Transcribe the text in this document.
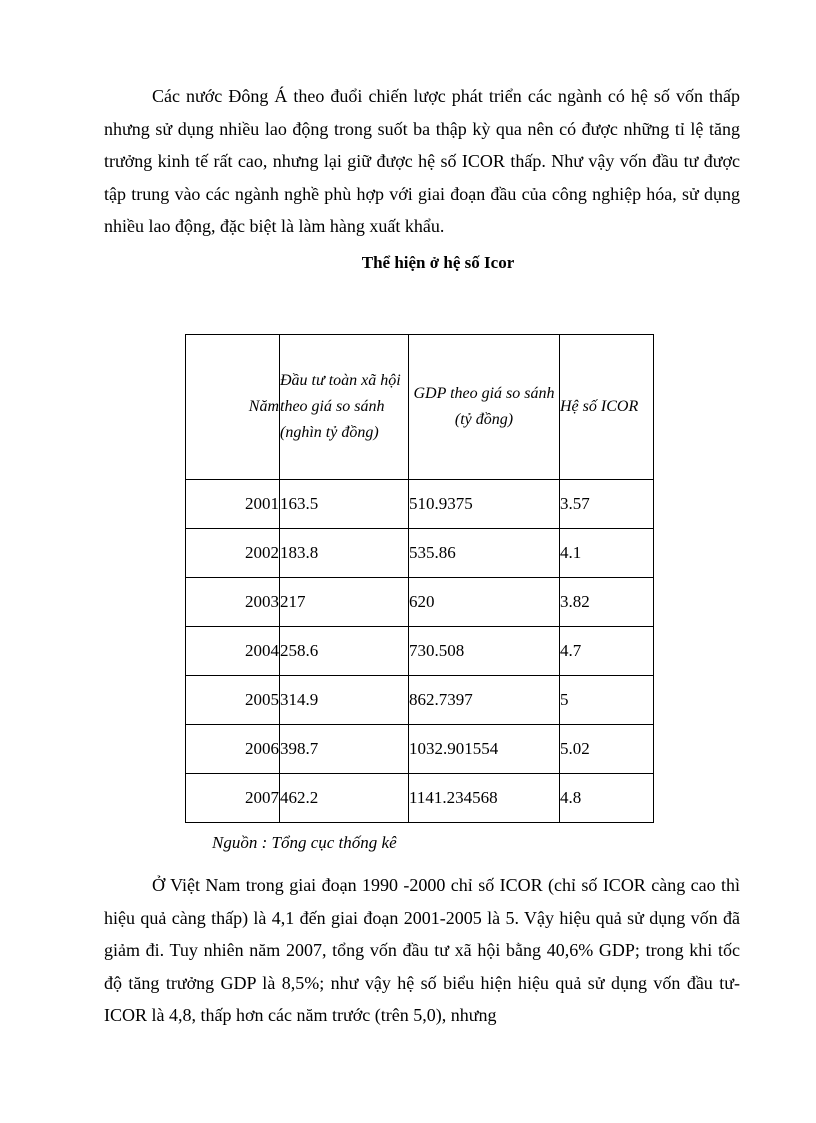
Các nước Đông Á theo đuổi chiến lược phát triển các ngành có hệ số vốn thấp nhưng sử dụng nhiều lao động trong suốt ba thập kỳ qua nên có được những tỉ lệ tăng trưởng kinh tế rất cao, nhưng lại giữ được hệ số ICOR thấp. Như vậy vốn đầu tư được tập trung vào các ngành nghề phù hợp với giai đoạn đầu của công nghiệp hóa, sử dụng nhiều lao động, đặc biệt là làm hàng xuất khẩu.

Thể hiện ở hệ số Icor

Năm	Đầu tư toàn xã hội theo giá so sánh (nghìn tỷ đồng)	GDP theo giá so sánh
(tỷ đồng)	Hệ số ICOR
2001	163.5	510.9375	3.57
2002	183.8	535.86	4.1
2003	217	620	3.82
2004	258.6	730.508	4.7
2005	314.9	862.7397	5
2006	398.7	1032.901554	5.02
2007	462.2	1141.234568	4.8

Nguồn : Tổng cục thống kê

Ở Việt Nam trong giai đoạn 1990 -2000 chỉ số ICOR (chỉ số ICOR càng cao thì hiệu quả càng thấp) là 4,1 đến giai đoạn 2001-2005 là 5. Vậy hiệu quả sử dụng vốn đã giảm đi. Tuy nhiên năm 2007, tổng vốn đầu tư xã hội bằng 40,6% GDP; trong khi tốc độ tăng trưởng GDP là 8,5%; như vậy hệ số biểu hiện hiệu quả sử dụng vốn đầu tư- ICOR là 4,8, thấp hơn các năm trước (trên 5,0), nhưng
